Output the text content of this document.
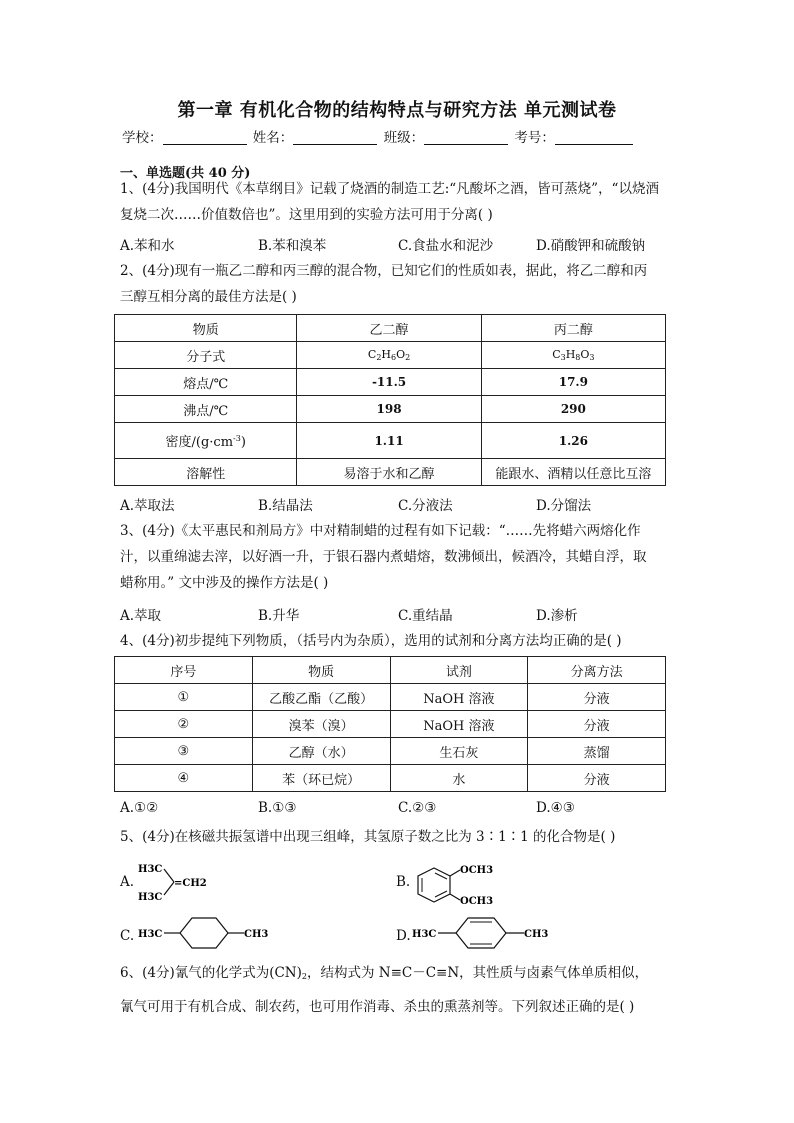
第一章 有机化合物的结构特点与研究方法 单元测试卷
学校：	姓名：	班级：	考号：
一、单选题(共 40 分)
1、(4分)我国明代《本草纲目》记载了烧酒的制造工艺:“凡酸坏之酒，皆可蒸烧”，“以烧酒
复烧二次……价值数倍也”。这里用到的实验方法可用于分离( )
A.苯和水	B.苯和溴苯	C.食盐水和泥沙	D.硝酸钾和硫酸钠
2、(4分)现有一瓶乙二醇和丙三醇的混合物，已知它们的性质如表，据此，将乙二醇和丙
三醇互相分离的最佳方法是( )
物质	乙二醇	丙二醇
分子式	$C_2H_6O_2$	$C_3H_8O_3$
熔点/℃	-11.5	17.9
沸点/℃	198	290
密度$/(g\cdot cm^{-3})$	1.11	1.26
溶解性	易溶于水和乙醇	能跟水、酒精以任意比互溶
A.萃取法	B.结晶法	C.分液法	D.分馏法
3、(4分)《太平惠民和剂局方》中对精制蜡的过程有如下记载：“……先将蜡六两熔化作
汁，以重绵滤去滓，以好酒一升，于银石器内煮蜡熔，数沸倾出，候酒冷，其蜡自浮，取
蜡称用。” 文中涉及的操作方法是( )
A.萃取	B.升华	C.重结晶	D.渗析
4、(4分)初步提纯下列物质，（括号内为杂质），选用的试剂和分离方法均正确的是( )
序号	物质	试剂	分离方法
①	乙酸乙酯（乙酸）	NaOH 溶液	分液
②	溴苯（溴）	NaOH 溶液	分液
③	乙醇（水）	生石灰	蒸馏
④	苯（环已烷）	水	分液
A.①②	B.①③	C.②③	D.④③
5、(4分)在核磁共振氢谱中出现三组峰，其氢原子数之比为 3∶1∶1 的化合物是( )
A.
H3C
H3C
=CH2	B.
OCH3
OCH3
C. H3C	CH3	D. H3C	CH3
6、(4分)氰气的化学式为$(CN)_2$，结构式为 N≡C－C≡N，其性质与卤素气体单质相似，
氰气可用于有机合成、制农药，也可用作消毒、杀虫的熏蒸剂等。下列叙述正确的是( )
